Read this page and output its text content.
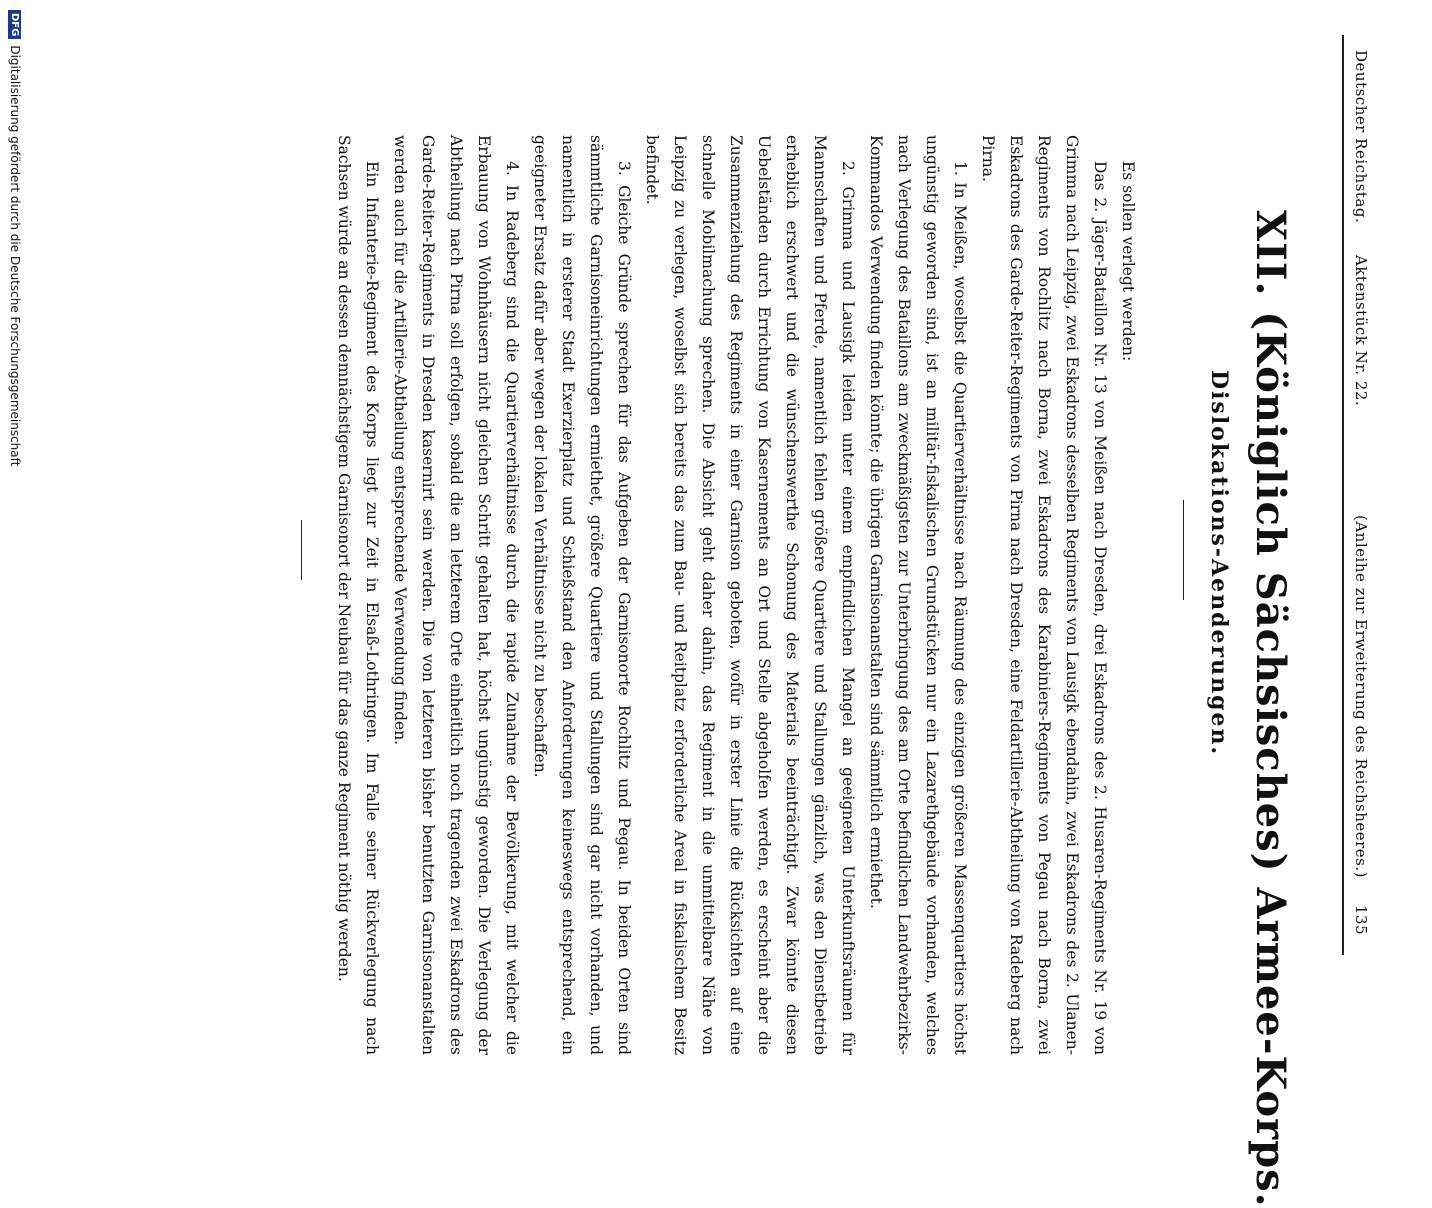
Deutscher Reichstag.
Aktenstück Nr. 22.
(Anleihe zur Erweiterung des Reichsheeres.)
135
XII. (Königlich Sächsisches) Armee-Korps.
Dislokations-Aenderungen.

Es sollen verlegt werden:

Das 2. Jäger-Bataillon Nr. 13 von Meißen nach Dresden, drei Eskadrons des 2. Husaren-Regiments Nr. 19 von Grimma nach Leipzig, zwei Eskadrons desselben Regiments von Lausigk ebendahin, zwei Eskadrons des 2. Ulanen-Regiments von Rochlitz nach Borna, zwei Eskadrons des Karabiniers-Regiments von Pegau nach Borna, zwei Eskadrons des Garde-Reiter-Regiments von Pirna nach Dresden, eine Feldartillerie-Abtheilung von Radeberg nach Pirna.

1. In Meißen, woselbst die Quartierverhältnisse nach Räumung des einzigen größeren Massenquartiers höchst ungünstig geworden sind, ist an militär-fiskalischen Grundstücken nur ein Lazarethgebäude vorhanden, welches nach Verlegung des Bataillons am zweckmäßigsten zur Unterbringung des am Orte befindlichen Landwehrbezirks-Kommandos Verwendung finden könnte; die übrigen Garnisonanstalten sind sämmtlich ermiethet.

2. Grimma und Lausigk leiden unter einem empfindlichen Mangel an geeigneten Unterkunftsräumen für Mannschaften und Pferde, namentlich fehlen größere Quartiere und Stallungen gänzlich, was den Dienstbetrieb erheblich erschwert und die wünschenswerthe Schonung des Materials beeinträchtigt. Zwar könnte diesen Uebelständen durch Errichtung von Kasernements an Ort und Stelle abgeholfen werden, es erscheint aber die Zusammenziehung des Regiments in einer Garnison geboten, wofür in erster Linie die Rücksichten auf eine schnelle Mobilmachung sprechen. Die Absicht geht daher dahin, das Regiment in die unmittelbare Nähe von Leipzig zu verlegen, woselbst sich bereits das zum Bau- und Reitplatz erforderliche Areal in fiskalischem Besitz befindet.

3. Gleiche Gründe sprechen für das Aufgeben der Garnisonorte Rochlitz und Pegau. In beiden Orten sind sämmtliche Garnisoneinrichtungen ermiethet, größere Quartiere und Stallungen sind gar nicht vorhanden, und namentlich in ersterer Stadt Exerzierplatz und Schießstand den Anforderungen keineswegs entsprechend, ein geeigneter Ersatz dafür aber wegen der lokalen Verhältnisse nicht zu beschaffen.

4. In Radeberg sind die Quartierverhältnisse durch die rapide Zunahme der Bevölkerung, mit welcher die Erbauung von Wohnhäusern nicht gleichen Schritt gehalten hat, höchst ungünstig geworden. Die Verlegung der Abtheilung nach Pirna soll erfolgen, sobald die an letzterem Orte einheitlich noch tragenden zwei Eskadrons des Garde-Reiter-Regiments in Dresden kasernirt sein werden. Die von letzteren bisher benutzten Garnisonanstalten werden auch für die Artillerie-Abtheilung entsprechende Verwendung finden.

Ein Infanterie-Regiment des Korps liegt zur Zeit in Elsaß-Lothringen. Im Falle seiner Rückverlegung nach Sachsen würde an dessen demnächstigem Garnisonort der Neubau für das ganze Regiment nöthig werden.

DFG
Digitalisierung gefördert durch die Deutsche Forschungsgemeinschaft
